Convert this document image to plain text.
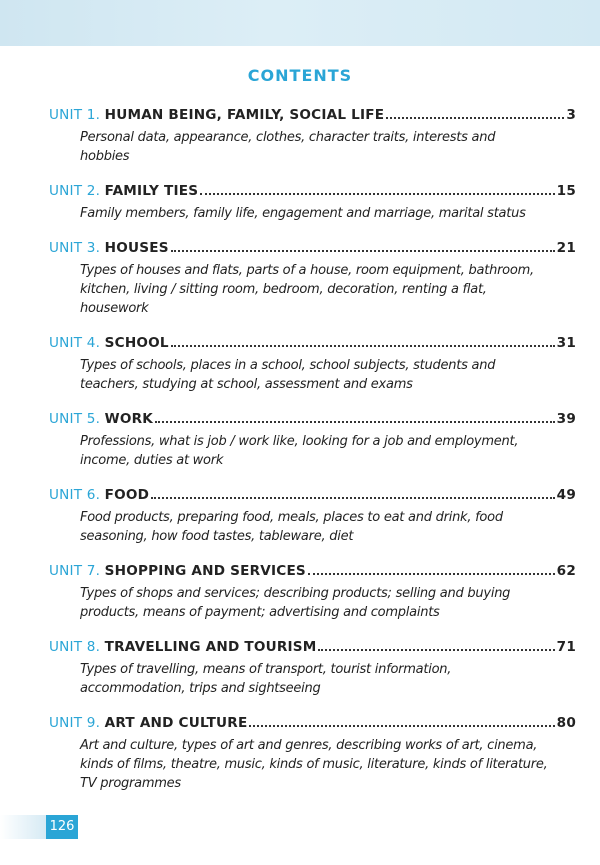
CONTENTS
UNIT 1. HUMAN BEING, FAMILY, SOCIAL LIFE	3
Personal data, appearance, clothes, character traits, interests and hobbies
UNIT 2. FAMILY TIES	15
Family members, family life, engagement and marriage, marital status
UNIT 3. HOUSES	21
Types of houses and flats, parts of a house, room equipment, bathroom, kitchen, living / sitting room, bedroom, decoration, renting a flat, housework
UNIT 4. SCHOOL	31
Types of schools, places in a school, school subjects, students and teachers, studying at school, assessment and exams
UNIT 5. WORK	39
Professions, what is job / work like, looking for a job and employment, income, duties at work
UNIT 6. FOOD	49
Food products, preparing food, meals, places to eat and drink, food seasoning, how food tastes, tableware, diet
UNIT 7. SHOPPING AND SERVICES	62
Types of shops and services; describing products; selling and buying products, means of payment; advertising and complaints
UNIT 8. TRAVELLING AND TOURISM	71
Types of travelling, means of transport, tourist information, accommodation, trips and sightseeing
UNIT 9. ART AND CULTURE	80
Art and culture, types of art and genres, describing works of art, cinema, kinds of films, theatre, music, kinds of music, literature, kinds of literature, TV programmes
126
